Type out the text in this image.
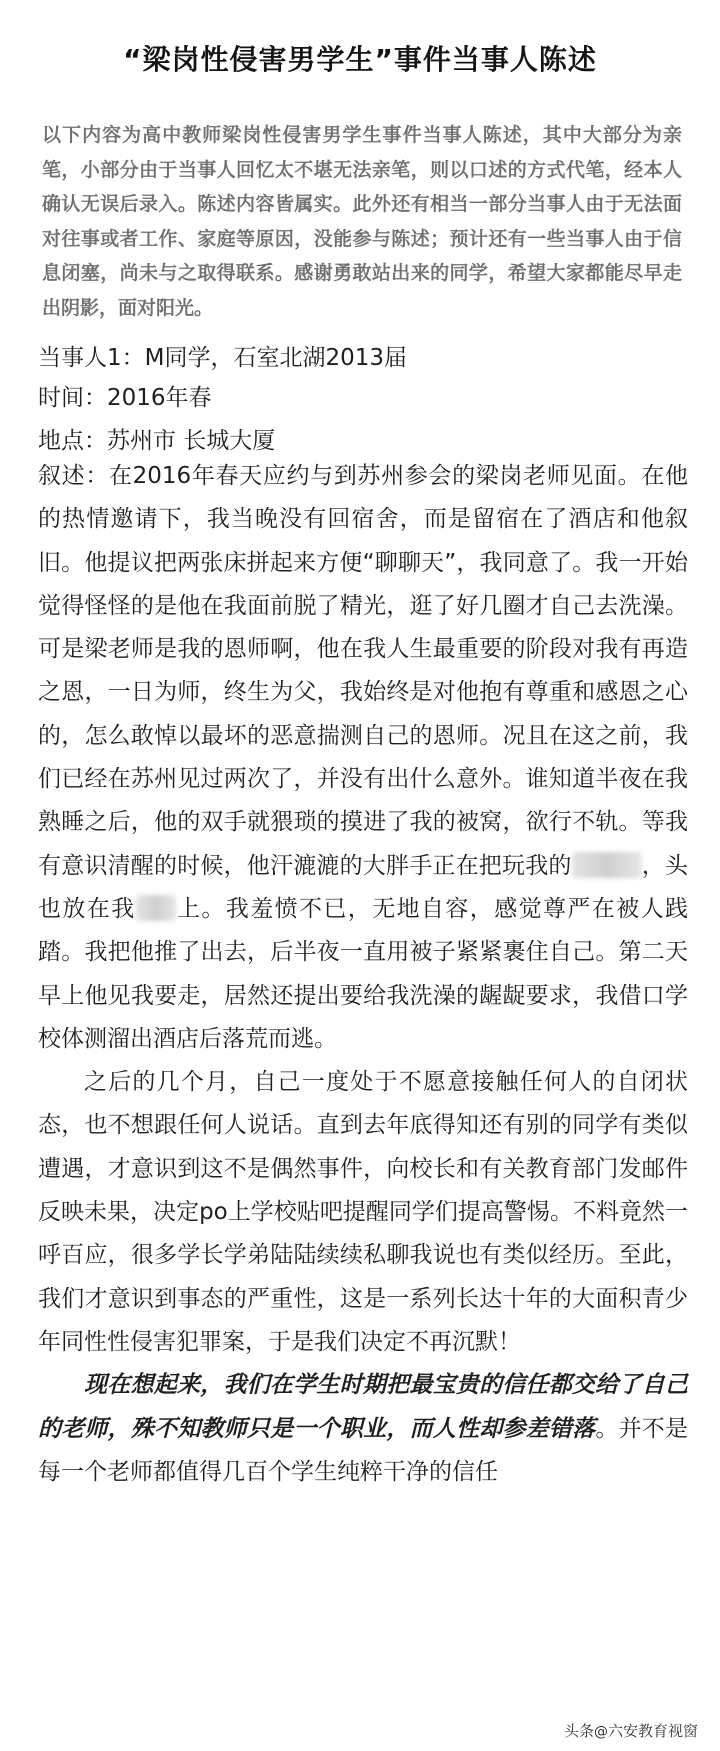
“梁岗性侵害男学生”事件当事人陈述
以下内容为高中教师梁岗性侵害男学生事件当事人陈述，其中大部分为亲笔，小部分由于当事人回忆太不堪无法亲笔，则以口述的方式代笔，经本人确认无误后录入。陈述内容皆属实。此外还有相当一部分当事人由于无法面对往事或者工作、家庭等原因，没能参与陈述；预计还有一些当事人由于信息闭塞，尚未与之取得联系。感谢勇敢站出来的同学，希望大家都能尽早走出阴影，面对阳光。
当事人1：M同学，石室北湖2013届
时间：2016年春
地点：苏州市 长城大厦

叙述：在2016年春天应约与到苏州参会的梁岗老师见面。在他的热情邀请下，我当晚没有回宿舍，而是留宿在了酒店和他叙旧。他提议把两张床拼起来方便“聊聊天”，我同意了。我一开始觉得怪怪的是他在我面前脱了精光，逛了好几圈才自己去洗澡。可是梁老师是我的恩师啊，他在我人生最重要的阶段对我有再造之恩，一日为师，终生为父，我始终是对他抱有尊重和感恩之心的，怎么敢悼以最坏的恶意揣测自己的恩师。况且在这之前，我们已经在苏州见过两次了，并没有出什么意外。谁知道半夜在我熟睡之后，他的双手就猥琐的摸进了我的被窝，欲行不轨。等我有意识清醒的时候，他汗漉漉的大胖手正在把玩我的	，头也放在我 上。我羞愤不已，无地自容，感觉尊严在被人践踏。我把他推了出去，后半夜一直用被子紧紧裹住自己。第二天早上他见我要走，居然还提出要给我洗澡的龌龊要求，我借口学校体测溜出酒店后落荒而逃。

之后的几个月，自己一度处于不愿意接触任何人的自闭状态，也不想跟任何人说话。直到去年底得知还有别的同学有类似遭遇，才意识到这不是偶然事件，向校长和有关教育部门发邮件反映未果，决定po上学校贴吧提醒同学们提高警惕。不料竟然一呼百应，很多学长学弟陆陆续续私聊我说也有类似经历。至此，我们才意识到事态的严重性，这是一系列长达十年的大面积青少年同性性侵害犯罪案，于是我们决定不再沉默！

现在想起来，我们在学生时期把最宝贵的信任都交给了自己的老师，殊不知教师只是一个职业，而人性却参差错落。并不是每一个老师都值得几百个学生纯粹干净的信任

头条@六安教育视窗
